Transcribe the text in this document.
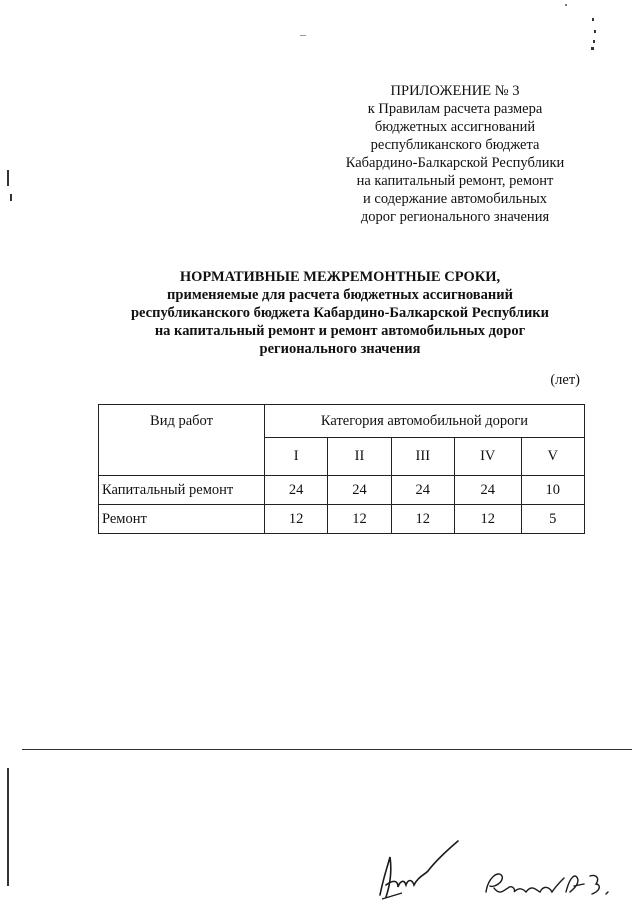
ПРИЛОЖЕНИЕ № 3
к Правилам расчета размера
бюджетных ассигнований
республиканского бюджета
Кабардино-Балкарской Республики
на капитальный ремонт, ремонт
и содержание автомобильных
дорог регионального значения
НОРМАТИВНЫЕ МЕЖРЕМОНТНЫЕ СРОКИ,
применяемые для расчета бюджетных ассигнований
республиканского бюджета Кабардино-Балкарской Республики
на капитальный ремонт и ремонт автомобильных дорог
регионального значения
(лет)
Вид работ	Категория автомобильной дороги				
	I	II	III	IV	V
Капитальный ремонт	24	24	24	24	10
Ремонт	12	12	12	12	5
